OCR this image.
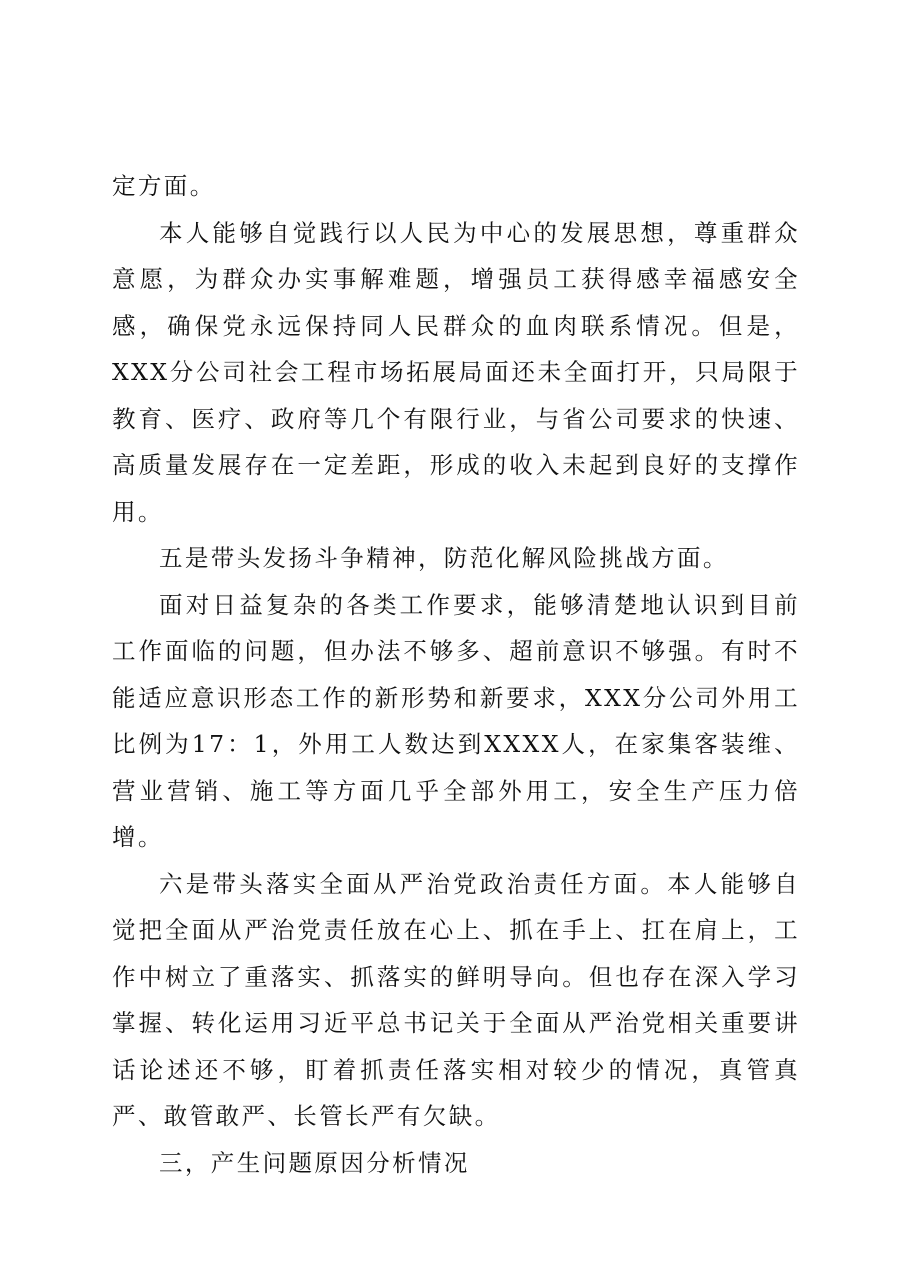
定方面。

本人能够自觉践行以人民为中心的发展思想，尊重群众意愿，为群众办实事解难题，增强员工获得感幸福感安全感，确保党永远保持同人民群众的血肉联系情况。但是，XXX分公司社会工程市场拓展局面还未全面打开，只局限于教育、医疗、政府等几个有限行业，与省公司要求的快速、高质量发展存在一定差距，形成的收入未起到良好的支撑作用。

五是带头发扬斗争精神，防范化解风险挑战方面。

面对日益复杂的各类工作要求，能够清楚地认识到目前工作面临的问题，但办法不够多、超前意识不够强。有时不能适应意识形态工作的新形势和新要求，XXX分公司外用工比例为17：1，外用工人数达到XXXX人，在家集客装维、营业营销、施工等方面几乎全部外用工，安全生产压力倍增。

六是带头落实全面从严治党政治责任方面。本人能够自觉把全面从严治党责任放在心上、抓在手上、扛在肩上，工作中树立了重落实、抓落实的鲜明导向。但也存在深入学习掌握、转化运用习近平总书记关于全面从严治党相关重要讲话论述还不够，盯着抓责任落实相对较少的情况，真管真严、敢管敢严、长管长严有欠缺。

三，产生问题原因分析情况
